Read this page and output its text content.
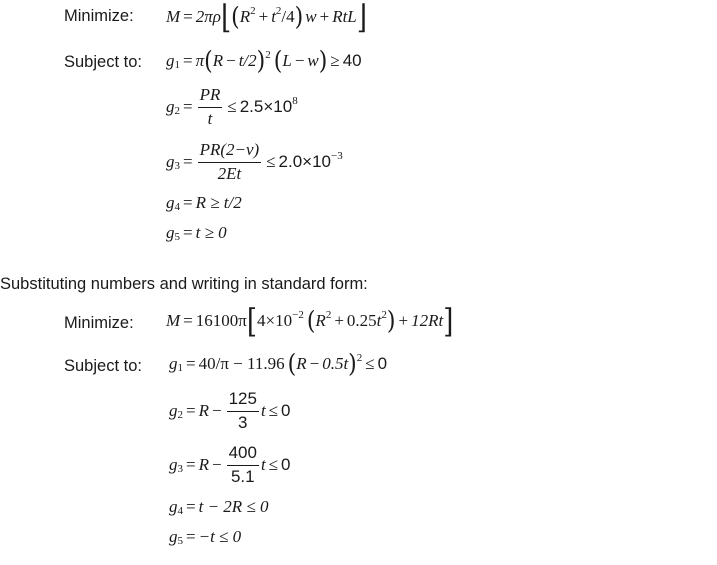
Minimize: M = 2πρ ⌊ ( R 2 + t 2 /4 ) w + RtL ⌋
Subject to: g 1 = π ( R − t/2 ) 2 ( L − w ) ≥ 40
g $2 = \frac{PR}{t} \le 2.5\times 10$ 8
g $3 = \frac{PR(2-\nu)}{2Et} \le 2.0\times 10 -3$
g 4 = R ≥ t/2
g 5 = t ≥ 0
Substituting numbers and writing in standard form:
Minimize: M = 16100π [ 4×10 −2 ( R 2 + 0.25 t 2 ) + 12Rt ]
Subject to: g 1 = 40/π − 11.96 ( R − 0.5t ) 2 ≤ 0
g $2 = R - \frac{125}{3}$ t ≤ 0
g $3 = R - \frac{400}{5.1}$ t ≤ 0
g 4 = t − 2R ≤ 0
g 5 = −t ≤ 0
